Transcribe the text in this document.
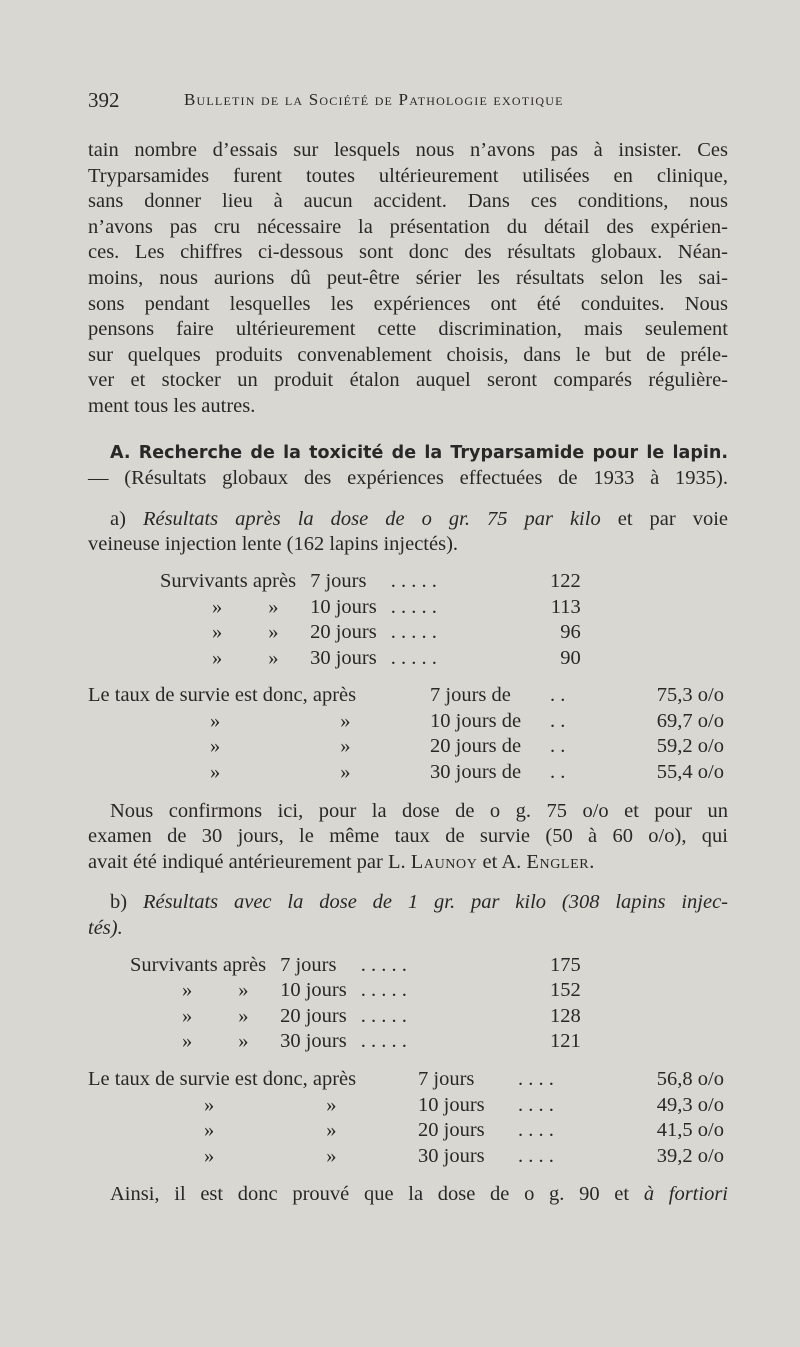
392	Bulletin de la Société de Pathologie exotique
tain nombre d’essais sur lesquels nous n’avons pas à insister. Ces
Tryparsamides furent toutes ultérieurement utilisées en clinique,
sans donner lieu à aucun accident. Dans ces conditions, nous
n’avons pas cru nécessaire la présentation du détail des expérien-
ces. Les chiffres ci-dessous sont donc des résultats globaux. Néan-
moins, nous aurions dû peut-être sérier les résultats selon les sai-
sons pendant lesquelles les expériences ont été conduites. Nous
pensons faire ultérieurement cette discrimination, mais seulement
sur quelques produits convenablement choisis, dans le but de préle-
ver et stocker un produit étalon auquel seront comparés régulière-
ment tous les autres.
A. Recherche de la toxicité de la Tryparsamide pour le lapin.
— (Résultats globaux des expériences effectuées de 1933 à 1935).
a) Résultats après la dose de o gr. 75 par kilo et par voie
veineuse injection lente (162 lapins injectés).
Survivants après	7 jours	. . . . .	122
» »	10 jours	. . . . .	113
» »	20 jours	. . . . .	96
» »	30 jours	. . . . .	90
Le taux de survie est donc, après	7 jours de	. .	75,3 o/o
» »	10 jours de	. .	69,7 o/o
» »	20 jours de	. .	59,2 o/o
» »	30 jours de	. .	55,4 o/o
Nous confirmons ici, pour la dose de o g. 75 o/o et pour un
examen de 30 jours, le même taux de survie (50 à 60 o/o), qui
avait été indiqué antérieurement par L. Launoy et A. Engler.
b) Résultats avec la dose de 1 gr. par kilo (308 lapins injec-
tés).
Survivants après	7 jours	. . . . .	175
» »	10 jours	. . . . .	152
» »	20 jours	. . . . .	128
» »	30 jours	. . . . .	121
Le taux de survie est donc, après	7 jours	. . . .	56,8 o/o
» »	10 jours	. . . .	49,3 o/o
» »	20 jours	. . . .	41,5 o/o
» »	30 jours	. . . .	39,2 o/o
Ainsi, il est donc prouvé que la dose de o g. 90 et à fortiori
